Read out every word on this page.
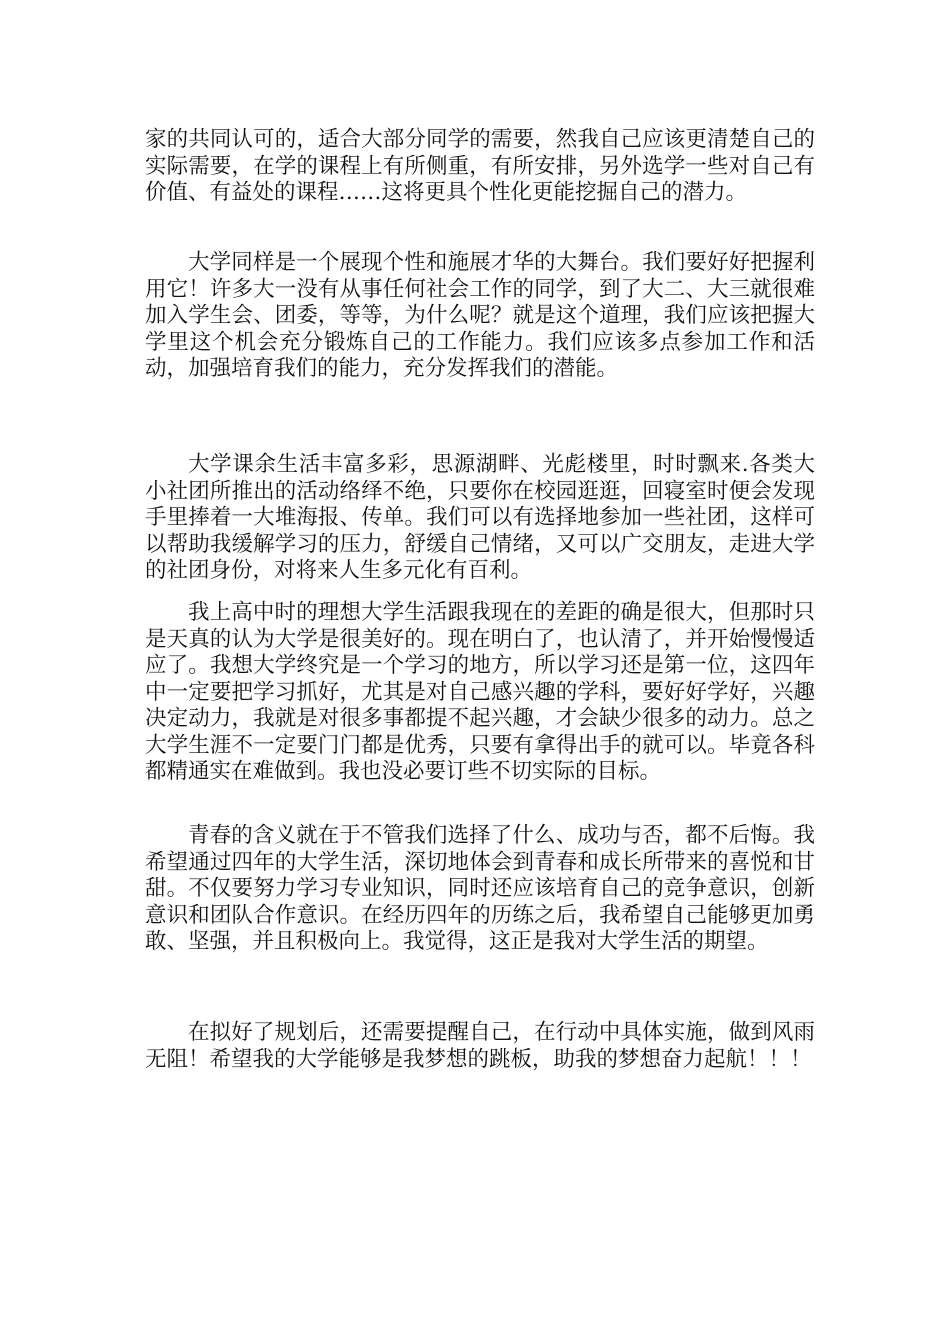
家的共同认可的，适合大部分同学的需要，然我自己应该更清楚自己的实际需要，在学的课程上有所侧重，有所安排，另外选学一些对自己有价值、有益处的课程……这将更具个性化更能挖掘自己的潜力。

大学同样是一个展现个性和施展才华的大舞台。我们要好好把握利用它！许多大一没有从事任何社会工作的同学，到了大二、大三就很难加入学生会、团委，等等，为什么呢？就是这个道理，我们应该把握大学里这个机会充分锻炼自己的工作能力。我们应该多点参加工作和活动，加强培育我们的能力，充分发挥我们的潜能。

大学课余生活丰富多彩，思源湖畔、光彪楼里，时时飘来.各类大小社团所推出的活动络绎不绝，只要你在校园逛逛，回寝室时便会发现手里捧着一大堆海报、传单。我们可以有选择地参加一些社团，这样可以帮助我缓解学习的压力，舒缓自己情绪，又可以广交朋友，走进大学的社团身份，对将来人生多元化有百利。

我上高中时的理想大学生活跟我现在的差距的确是很大，但那时只是天真的认为大学是很美好的。现在明白了，也认清了，并开始慢慢适应了。我想大学终究是一个学习的地方，所以学习还是第一位，这四年中一定要把学习抓好，尤其是对自己感兴趣的学科，要好好学好，兴趣决定动力，我就是对很多事都提不起兴趣，才会缺少很多的动力。总之大学生涯不一定要门门都是优秀，只要有拿得出手的就可以。毕竟各科都精通实在难做到。我也没必要订些不切实际的目标。

青春的含义就在于不管我们选择了什么、成功与否，都不后悔。我希望通过四年的大学生活，深切地体会到青春和成长所带来的喜悦和甘甜。不仅要努力学习专业知识，同时还应该培育自己的竞争意识，创新意识和团队合作意识。在经历四年的历练之后，我希望自己能够更加勇敢、坚强，并且积极向上。我觉得，这正是我对大学生活的期望。

在拟好了规划后，还需要提醒自己，在行动中具体实施，做到风雨无阻！希望我的大学能够是我梦想的跳板，助我的梦想奋力起航！！！
